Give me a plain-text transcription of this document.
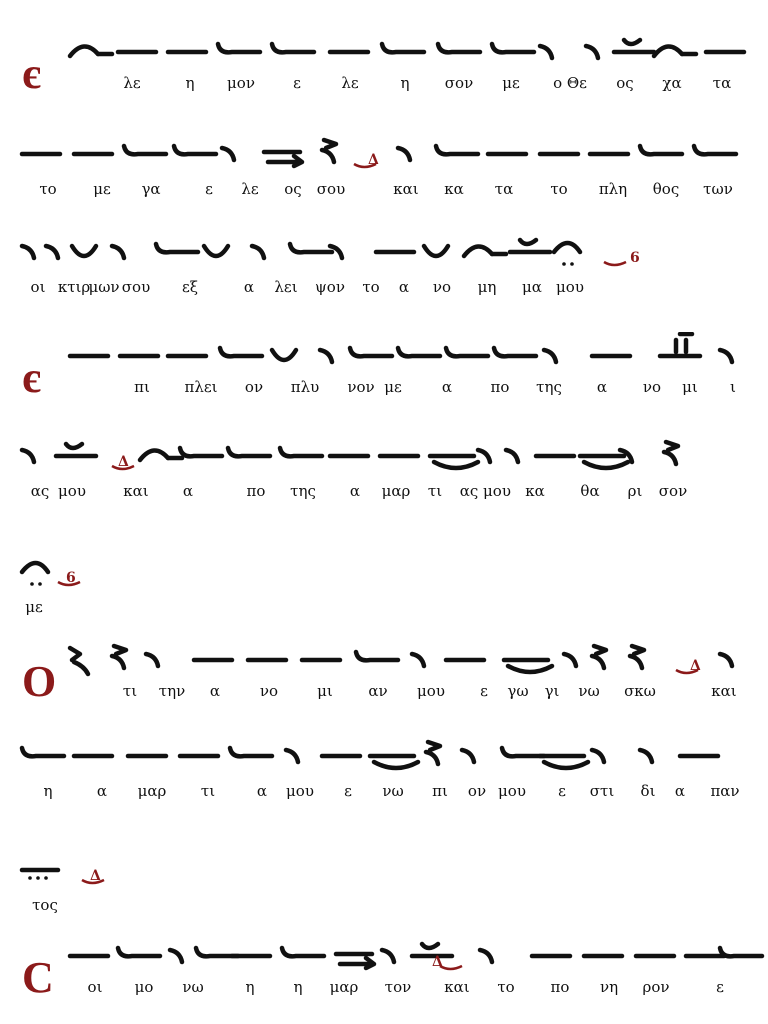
є	λε	η μον	ε	λε	η σον με ο Θε ος χα τα
Δ
το με γα	ε λε ος σου	και κα τα το πλη θος των
6
οι κτιρ
μων σου εξ	α λει ψον το α νο μη μα μου
є	πι πλει ον πλυ νον με	α	πο της α νο μι ι
Δ
ας μου και α	πο της α μαρ τι ας μου κα θα ρι σον
6
με
Ο	Δ
τι την α	νο	μι αν μου ε γω γι νω σκω	και
η	α μαρ τι	α μου ε νω πι ον μου ε στι δι α παν
Δ
τος
С	Δ
οι μο νω	η	η μαρ τον και το πο νη ρον	ε
